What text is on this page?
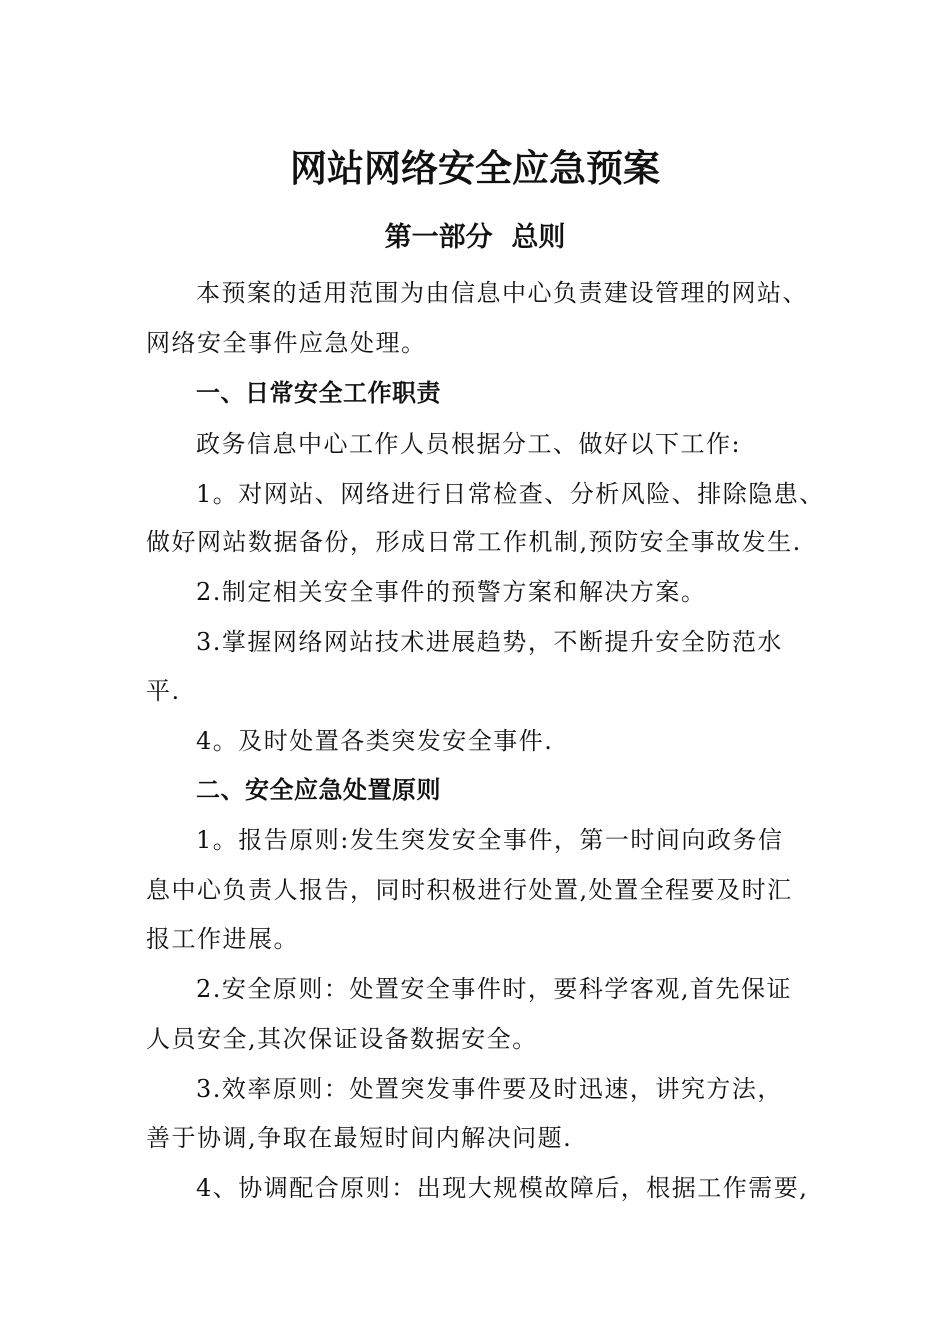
网站网络安全应急预案
第一部分  总则
本预案的适用范围为由信息中心负责建设管理的网站、
网络安全事件应急处理。
一、日常安全工作职责
政务信息中心工作人员根据分工、做好以下工作:
1。对网站、网络进行日常检查、分析风险、排除隐患、
做好网站数据备份，形成日常工作机制,预防安全事故发生.
2.制定相关安全事件的预警方案和解决方案。
3.掌握网络网站技术进展趋势，不断提升安全防范水
平.
4。及时处置各类突发安全事件.
二、安全应急处置原则
1。报告原则:发生突发安全事件，第一时间向政务信
息中心负责人报告，同时积极进行处置,处置全程要及时汇
报工作进展。
2.安全原则：处置安全事件时，要科学客观,首先保证
人员安全,其次保证设备数据安全。
3.效率原则：处置突发事件要及时迅速，讲究方法，
善于协调,争取在最短时间内解决问题.
4、协调配合原则：出现大规模故障后，根据工作需要,
